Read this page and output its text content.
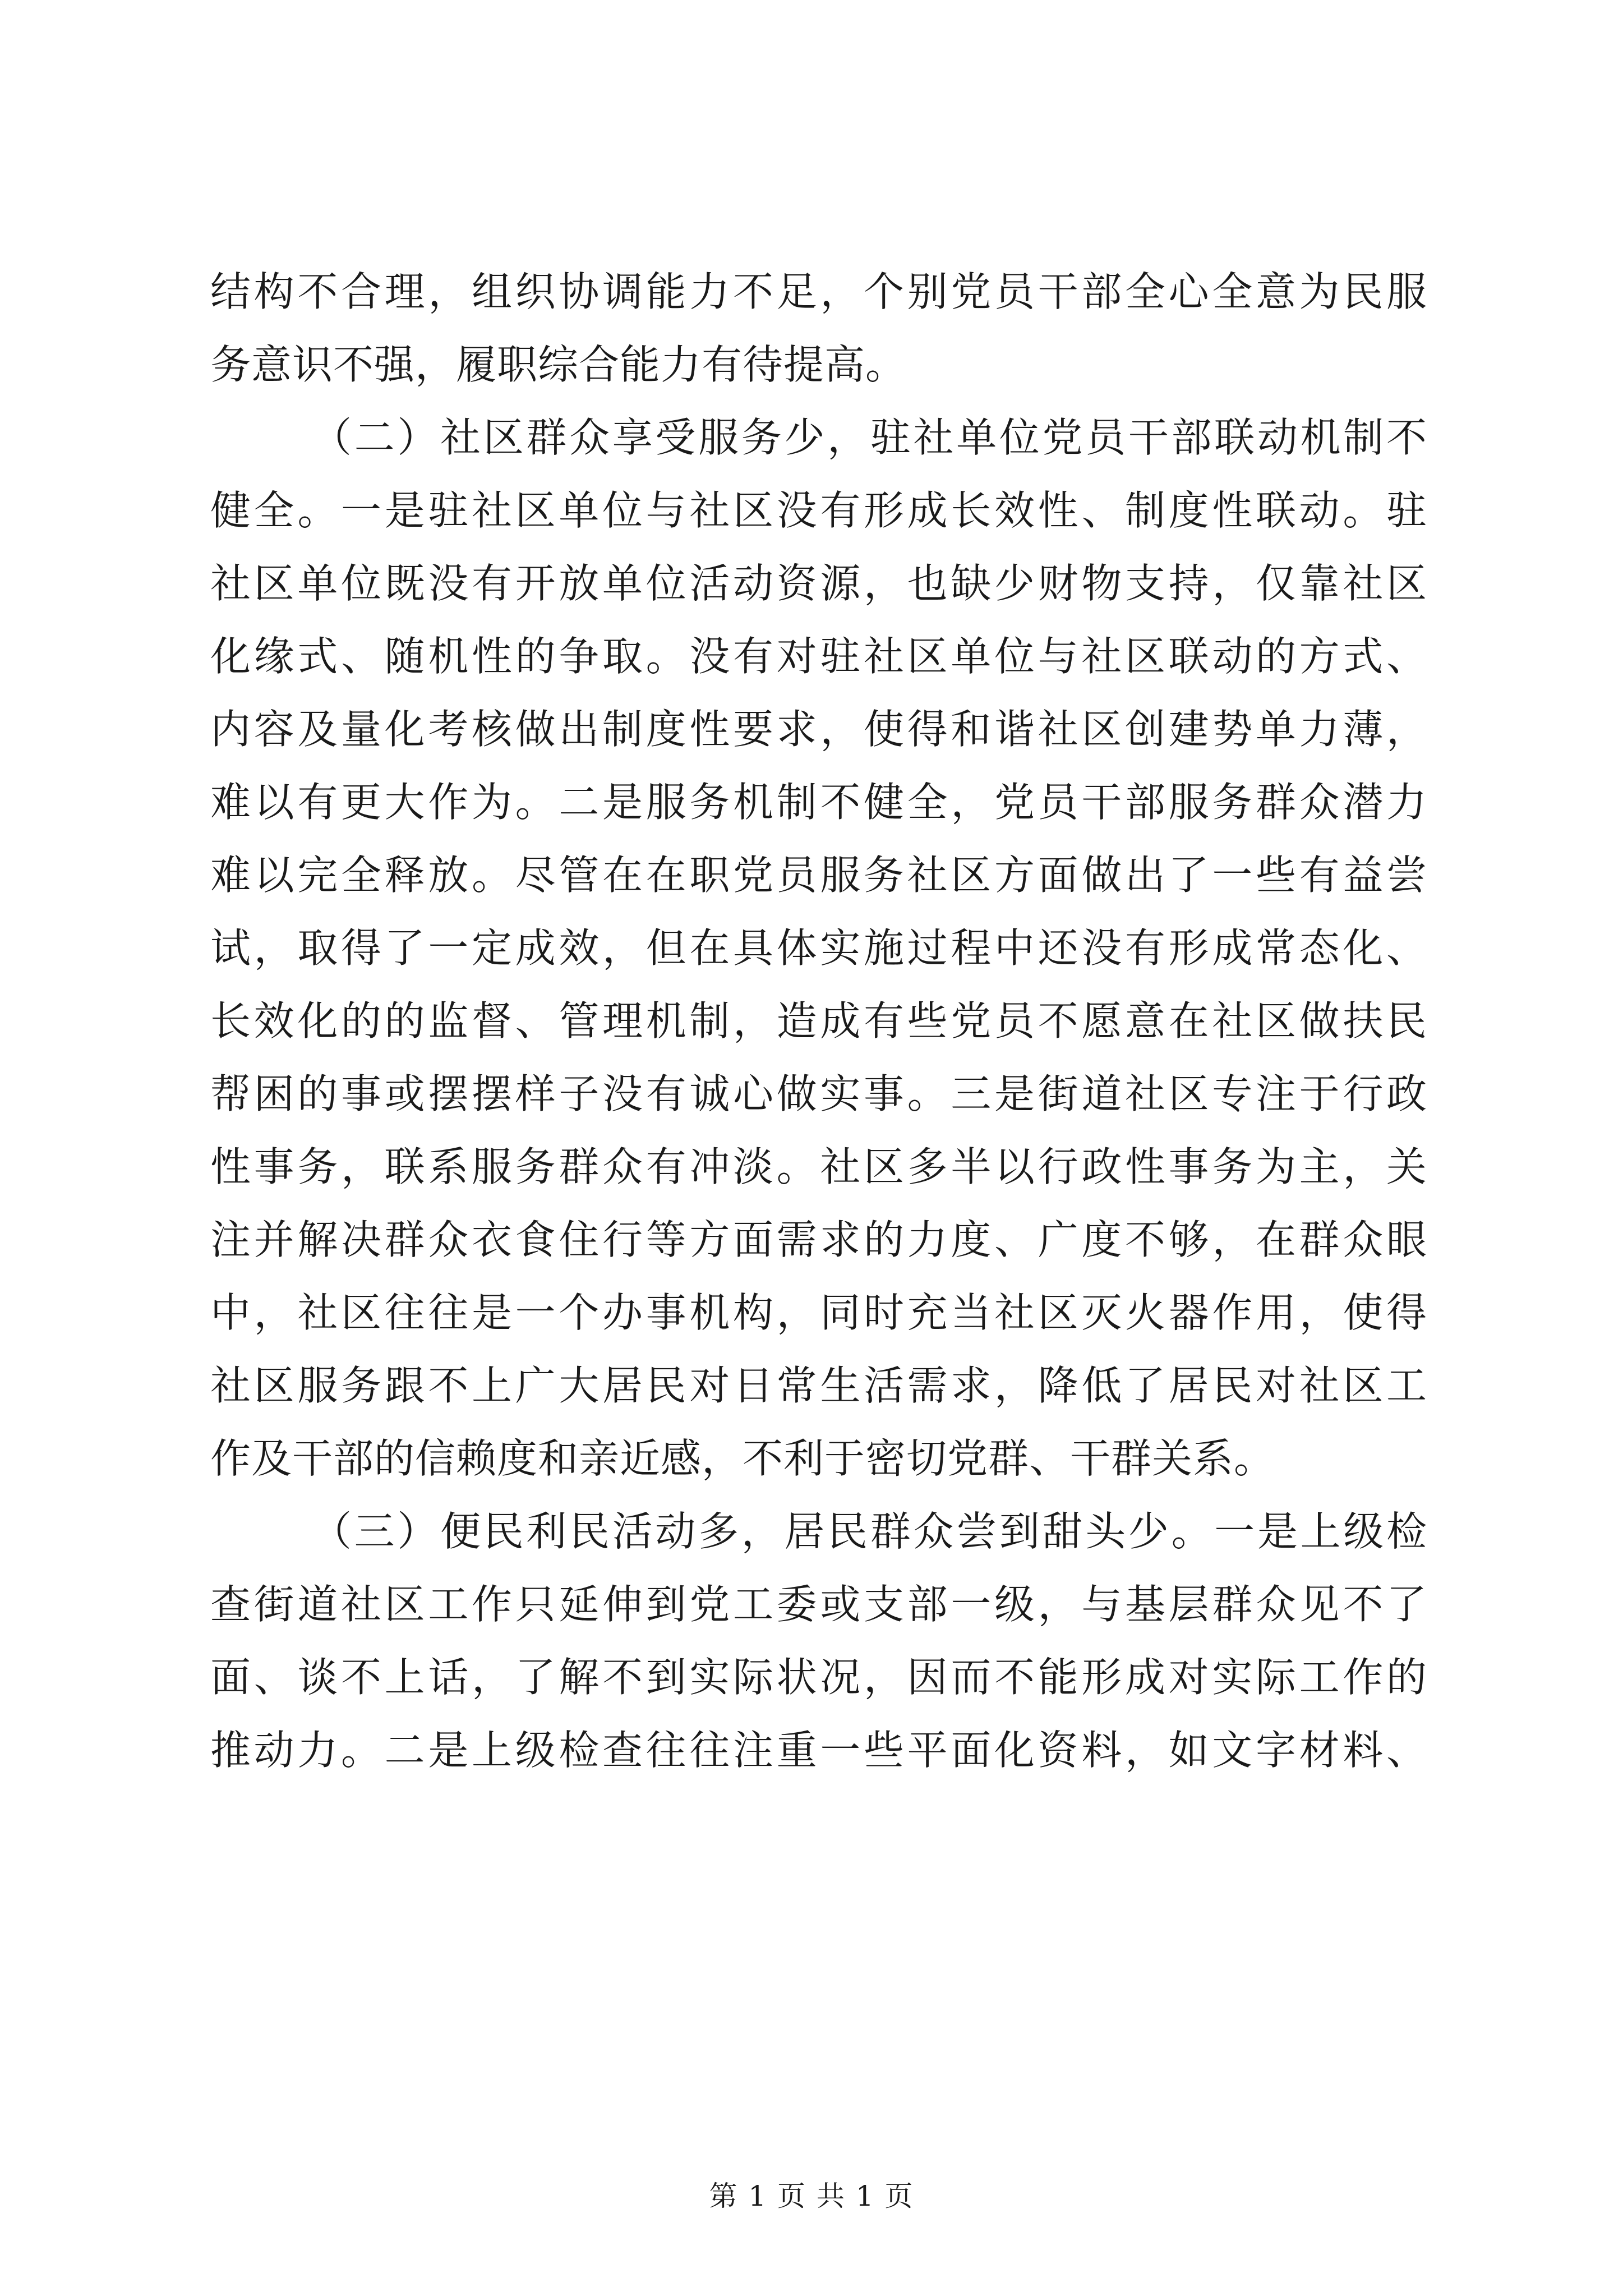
结构不合理，组织协调能力不足，个别党员干部全心全意为民服
务意识不强，履职综合能力有待提高。
（二）社区群众享受服务少，驻社单位党员干部联动机制不
健全。一是驻社区单位与社区没有形成长效性、制度性联动。驻
社区单位既没有开放单位活动资源，也缺少财物支持，仅靠社区
化缘式、随机性的争取。没有对驻社区单位与社区联动的方式、
内容及量化考核做出制度性要求，使得和谐社区创建势单力薄，
难以有更大作为。二是服务机制不健全，党员干部服务群众潜力
难以完全释放。尽管在在职党员服务社区方面做出了一些有益尝
试，取得了一定成效，但在具体实施过程中还没有形成常态化、
长效化的的监督、管理机制，造成有些党员不愿意在社区做扶民
帮困的事或摆摆样子没有诚心做实事。三是街道社区专注于行政
性事务，联系服务群众有冲淡。社区多半以行政性事务为主，关
注并解决群众衣食住行等方面需求的力度、广度不够，在群众眼
中，社区往往是一个办事机构，同时充当社区灭火器作用，使得
社区服务跟不上广大居民对日常生活需求，降低了居民对社区工
作及干部的信赖度和亲近感，不利于密切党群、干群关系。
（三）便民利民活动多，居民群众尝到甜头少。一是上级检
查街道社区工作只延伸到党工委或支部一级，与基层群众见不了
面、谈不上话，了解不到实际状况，因而不能形成对实际工作的
推动力。二是上级检查往往注重一些平面化资料，如文字材料、
第 1 页 共 1 页
